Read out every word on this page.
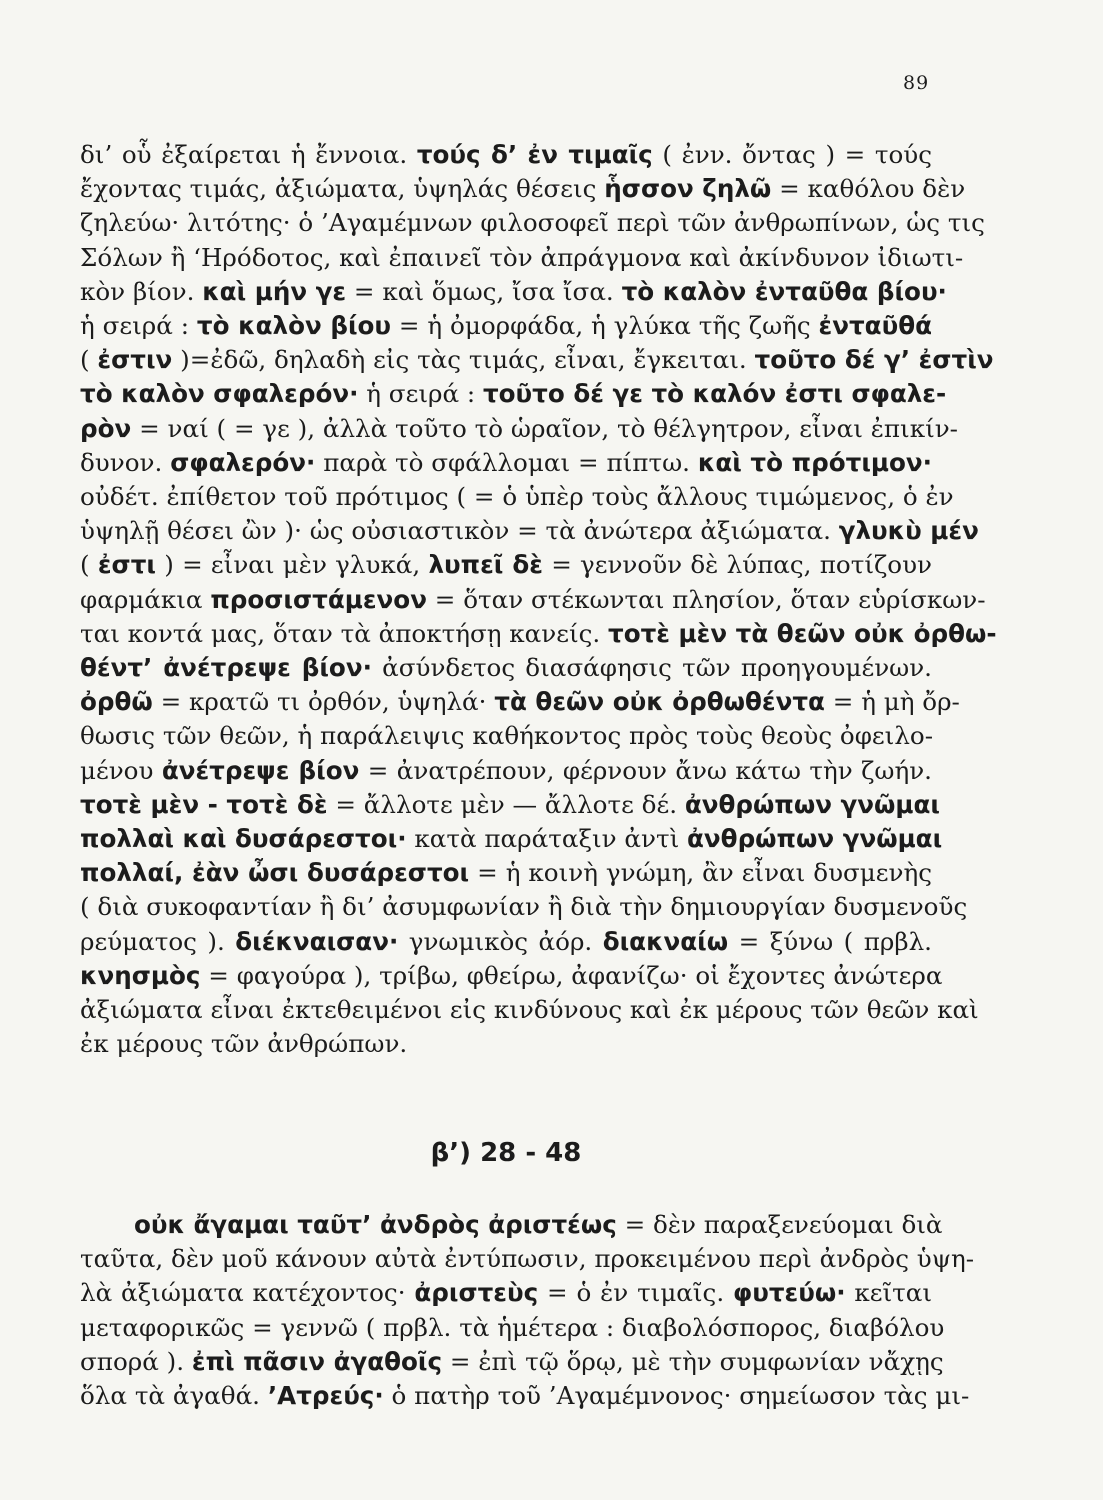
89
δι’ οὗ ἐξαίρεται ἡ ἔννοια. τούς δ’ ἐν τιμαῖς ( ἐνν. ὄντας ) = τούς
ἔχοντας τιμάς, ἀξιώματα, ὑψηλάς θέσεις ἧσσον ζηλῶ = καθόλου δὲν
ζηλεύω· λιτότης· ὁ ’Αγαμέμνων φιλοσοφεῖ περὶ τῶν ἀνθρωπίνων, ὡς τις
Σόλων ἢ ‘Ηρόδοτος, καὶ ἐπαινεῖ τὸν ἀπράγμονα καὶ ἀκίνδυνον ἰδιωτι-
κὸν βίον. καὶ μήν γε = καὶ ὅμως, ἴσα ἴσα. τὸ καλὸν ἐνταῦθα βίου·
ἡ σειρά : τὸ καλὸν βίου = ἡ ὀμορφάδα, ἡ γλύκα τῆς ζωῆς ἐνταῦθά
( ἐστιν )=ἐδῶ, δηλαδὴ εἰς τὰς τιμάς, εἶναι, ἔγκειται. τοῦτο δέ γ’ ἐστὶν
τὸ καλὸν σφαλερόν· ἡ σειρά : τοῦτο δέ γε τὸ καλόν ἐστι σφαλε-
ρὸν = ναί ( = γε ), ἀλλὰ τοῦτο τὸ ὡραῖον, τὸ θέλγητρον, εἶναι ἐπικίν-
δυνον. σφαλερόν· παρὰ τὸ σφάλλομαι = πίπτω. καὶ τὸ πρότιμον·
οὐδέτ. ἐπίθετον τοῦ πρότιμος ( = ὁ ὑπὲρ τοὺς ἄλλους τιμώμενος, ὁ ἐν
ὑψηλῇ θέσει ὢν )· ὡς οὐσιαστικὸν = τὰ ἀνώτερα ἀξιώματα. γλυκὺ μέν
( ἐστι ) = εἶναι μὲν γλυκά, λυπεῖ δὲ = γεννοῦν δὲ λύπας, ποτίζουν
φαρμάκια προσιστάμενον = ὅταν στέκωνται πλησίον, ὅταν εὑρίσκων-
ται κοντά μας, ὅταν τὰ ἀποκτήσῃ κανείς. τοτὲ μὲν τὰ θεῶν οὐκ ὀρθω-
θέντ’ ἀνέτρεψε βίον· ἀσύνδετος διασάφησις τῶν προηγουμένων.
ὀρθῶ = κρατῶ τι ὀρθόν, ὑψηλά· τὰ θεῶν οὐκ ὀρθωθέντα = ἡ μὴ ὄρ-
θωσις τῶν θεῶν, ἡ παράλειψις καθήκοντος πρὸς τοὺς θεοὺς ὀφειλο-
μένου ἀνέτρεψε βίον = ἀνατρέπουν, φέρνουν ἄνω κάτω τὴν ζωήν.
τοτὲ μὲν - τοτὲ δὲ = ἄλλοτε μὲν — ἄλλοτε δέ. ἀνθρώπων γνῶμαι
πολλαὶ καὶ δυσάρεστοι· κατὰ παράταξιν ἀντὶ ἀνθρώπων γνῶμαι
πολλαί, ἐὰν ὦσι δυσάρεστοι = ἡ κοινὴ γνώμη, ἂν εἶναι δυσμενὴς
( διὰ συκοφαντίαν ἢ δι’ ἀσυμφωνίαν ἢ διὰ τὴν δημιουργίαν δυσμενοῦς
ρεύματος ). διέκναισαν· γνωμικὸς ἀόρ. διακναίω = ξύνω ( πρβλ.
κνησμὸς = φαγούρα ), τρίβω, φθείρω, ἀφανίζω· οἱ ἔχοντες ἀνώτερα
ἀξιώματα εἶναι ἐκτεθειμένοι εἰς κινδύνους καὶ ἐκ μέρους τῶν θεῶν καὶ
ἐκ μέρους τῶν ἀνθρώπων.
β’) 28 - 48
οὐκ ἄγαμαι ταῦτ’ ἀνδρὸς ἀριστέως = δὲν παραξενεύομαι διὰ
ταῦτα, δὲν μοῦ κάνουν αὐτὰ ἐντύπωσιν, προκειμένου περὶ ἀνδρὸς ὑψη-
λὰ ἀξιώματα κατέχοντος· ἀριστεὺς = ὁ ἐν τιμαῖς. φυτεύω· κεῖται
μεταφορικῶς = γεννῶ ( πρβλ. τὰ ἡμέτερα : διαβολόσπορος, διαβόλου
σπορά ). ἐπὶ πᾶσιν ἀγαθοῖς = ἐπὶ τῷ ὅρῳ, μὲ τὴν συμφωνίαν νἄχῃς
ὅλα τὰ ἀγαθά. ’Ατρεύς· ὁ πατὴρ τοῦ ’Αγαμέμνονος· σημείωσον τὰς μι-
